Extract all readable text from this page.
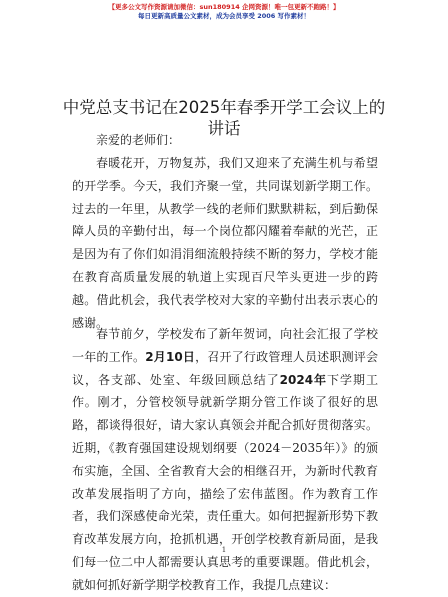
【更多公文写作资源请加微信：sun180914 企网资源！唯一包更新不跑路！】
每日更新高质量公文素材，成为会员享受 2006 写作素材！
中党总支书记在2025年春季开学工会议上的讲话
亲爱的老师们：

春暖花开，万物复苏，我们又迎来了充满生机与希望的开学季。今天，我们齐聚一堂，共同谋划新学期工作。过去的一年里，从教学一线的老师们默默耕耘，到后勤保障人员的辛勤付出，每一个岗位都闪耀着奉献的光芒，正是因为有了你们如涓涓细流般持续不断的努力，学校才能在教育高质量发展的轨道上实现百尺竿头更进一步的跨越。借此机会，我代表学校对大家的辛勤付出表示衷心的感谢。

春节前夕，学校发布了新年贺词，向社会汇报了学校一年的工作。2月10日，召开了行政管理人员述职测评会议，各支部、处室、年级回顾总结了2024年下学期工作。刚才，分管校领导就新学期分管工作谈了很好的思路，都谈得很好，请大家认真领会并配合抓好贯彻落实。近期，《教育强国建设规划纲要（2024－2035年）》的颁布实施，全国、全省教育大会的相继召开，为新时代教育改革发展指明了方向，描绘了宏伟蓝图。作为教育工作者，我们深感使命光荣，责任重大。如何把握新形势下教育改革发展方向，抢抓机遇，开创学校教育新局面，是我们每一位二中人都需要认真思考的重要课题。借此机会，就如何抓好新学期学校教育工作，我提几点建议：

1
